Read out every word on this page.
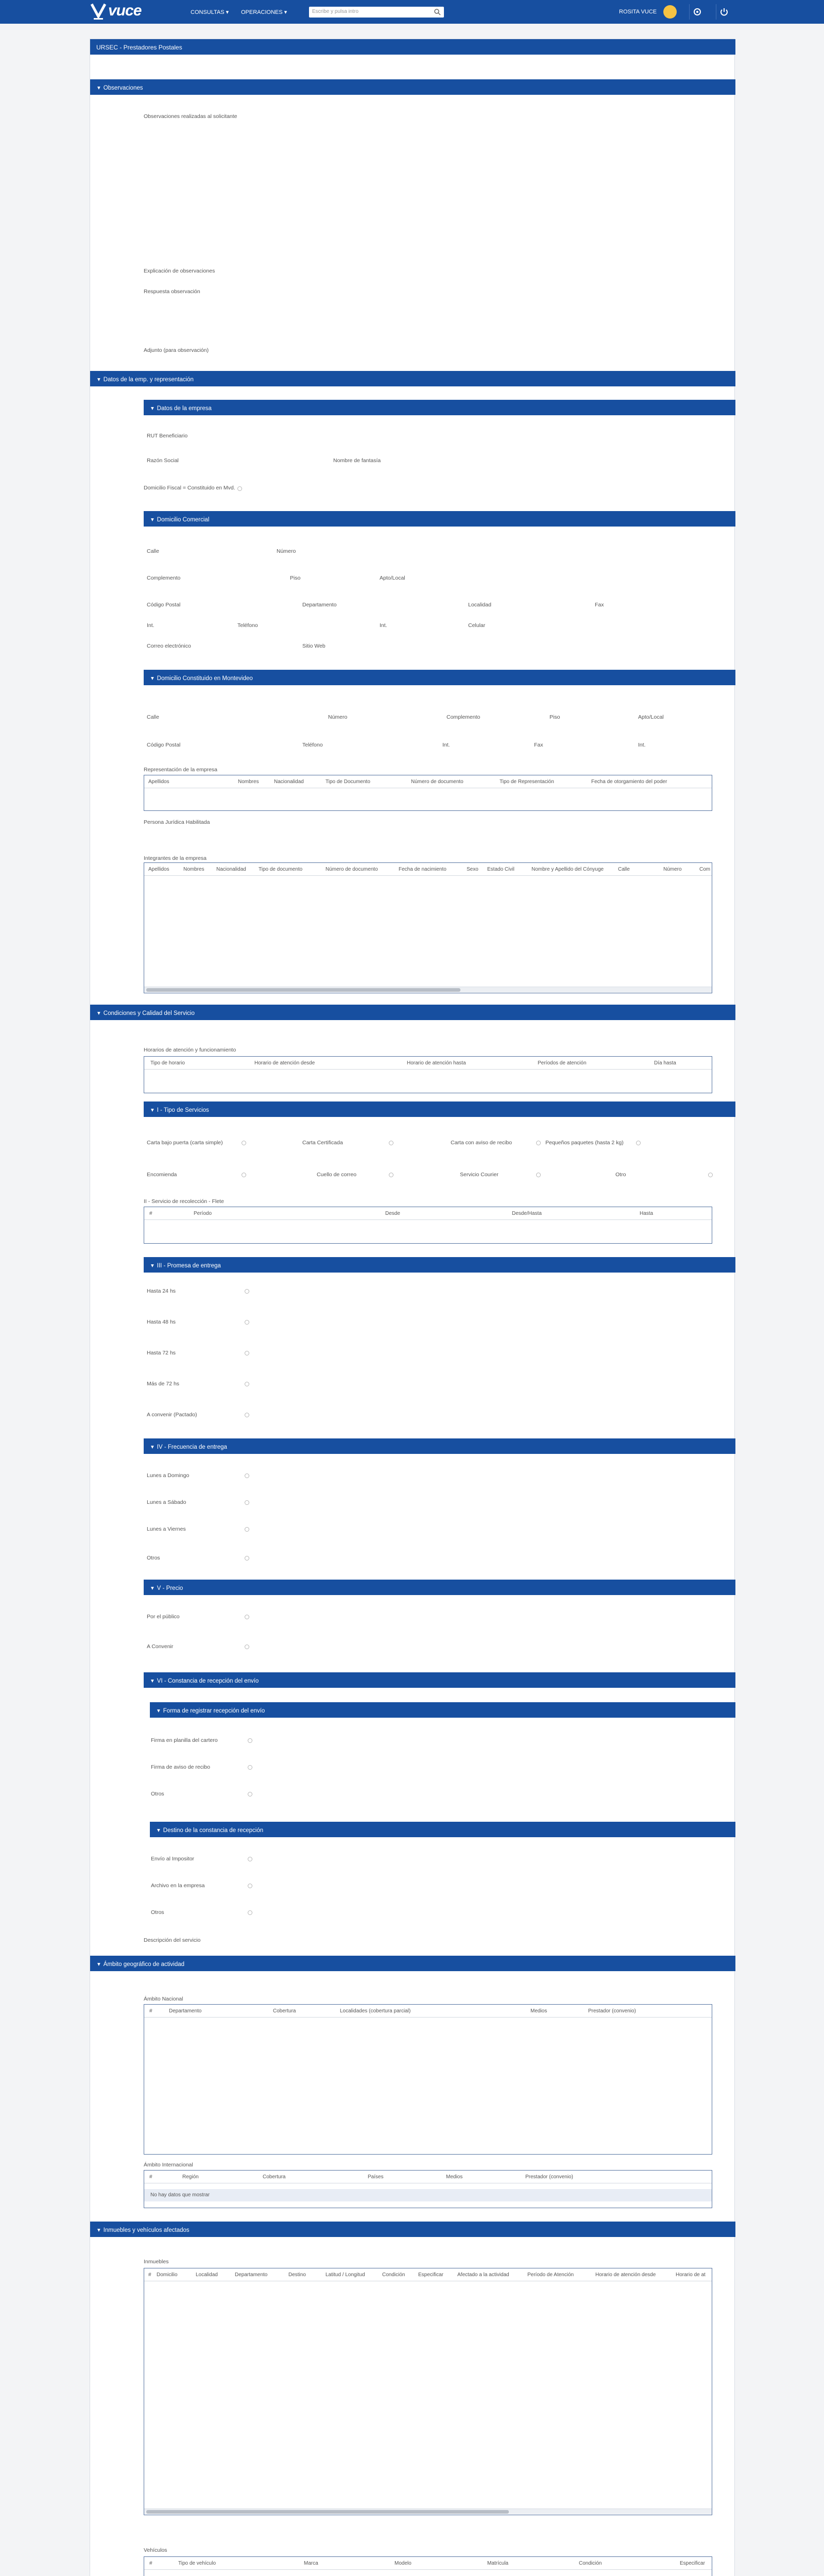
vuce	CONSULTAS ▾ OPERACIONES ▾	Escribe y pulsa intro	ROSITA VUCE
URSEC - Prestadores Postales
▾ Observaciones
Observaciones realizadas al solicitante
Explicación de observaciones
Respuesta observación
Adjunto (para observación)
▾ Datos de la emp. y representación
▾ Datos de la empresa
RUT Beneficiario
Razón Social	Nombre de fantasía
Domicilio Fiscal = Constituido en Mvd.
▾ Domicilio Comercial
Calle	Número
Complemento	Piso	Apto/Local
Código Postal	Departamento	Localidad	Fax
Int.	Teléfono	Int.	Celular
Correo electrónico	Sitio Web
▾ Domicilio Constituido en Montevideo
Calle	Número	Complemento	Piso	Apto/Local
Código Postal	Teléfono	Int.	Fax	Int.
Representación de la empresa
Apellidos	Nombres	Nacionalidad	Tipo de Documento	Número de documento	Tipo de Representación	Fecha de otorgamiento del poder
Persona Jurídica Habilitada
Integrantes de la empresa
Apellidos	Nombres Nacionalidad Tipo de documento	Número de documento	Fecha de nacimiento	Sexo Estado Civil	Nombre y Apellido del Cónyuge	Calle	Número	Com
▾ Condiciones y Calidad del Servicio
Horarios de atención y funcionamiento
Tipo de horario	Horario de atención desde	Horario de atención hasta	Períodos de atención	Día hasta
▾ I - Tipo de Servicios
Carta bajo puerta (carta simple)	Carta Certificada	Carta con aviso de recibo	Pequeños paquetes (hasta 2 kg)
Encomienda	Cuello de correo	Servicio Courier	Otro
II - Servicio de recolección - Flete
#	Período	Desde	Desde/Hasta	Hasta
▾ III - Promesa de entrega
Hasta 24 hs
Hasta 48 hs
Hasta 72 hs
Más de 72 hs
A convenir (Pactado)
▾ IV - Frecuencia de entrega
Lunes a Domingo
Lunes a Sábado
Lunes a Viernes
Otros
▾ V - Precio
Por el público
A Convenir
▾ VI - Constancia de recepción del envío
▾ Forma de registrar recepción del envío
Firma en planilla del cartero
Firma de aviso de recibo
Otros
▾ Destino de la constancia de recepción
Envío al Impositor
Archivo en la empresa
Otros
Descripción del servicio
▾ Ámbito geográfico de actividad
Ámbito Nacional
#	Departamento	Cobertura	Localidades (cobertura parcial)	Medios	Prestador (convenio)
Ámbito Internacional
#	Región	Cobertura	Países	Medios	Prestador (convenio)
No hay datos que mostrar
▾ Inmuebles y vehículos afectados
Inmuebles
# Domicilio	Localidad	Departamento	Destino	Latitud / Longitud	Condición	Especificar	Afectado a la actividad	Período de Atención	Horario de atención desde	Horario de at
Vehículos
#	Tipo de vehículo	Marca	Modelo	Matrícula	Condición	Especificar
